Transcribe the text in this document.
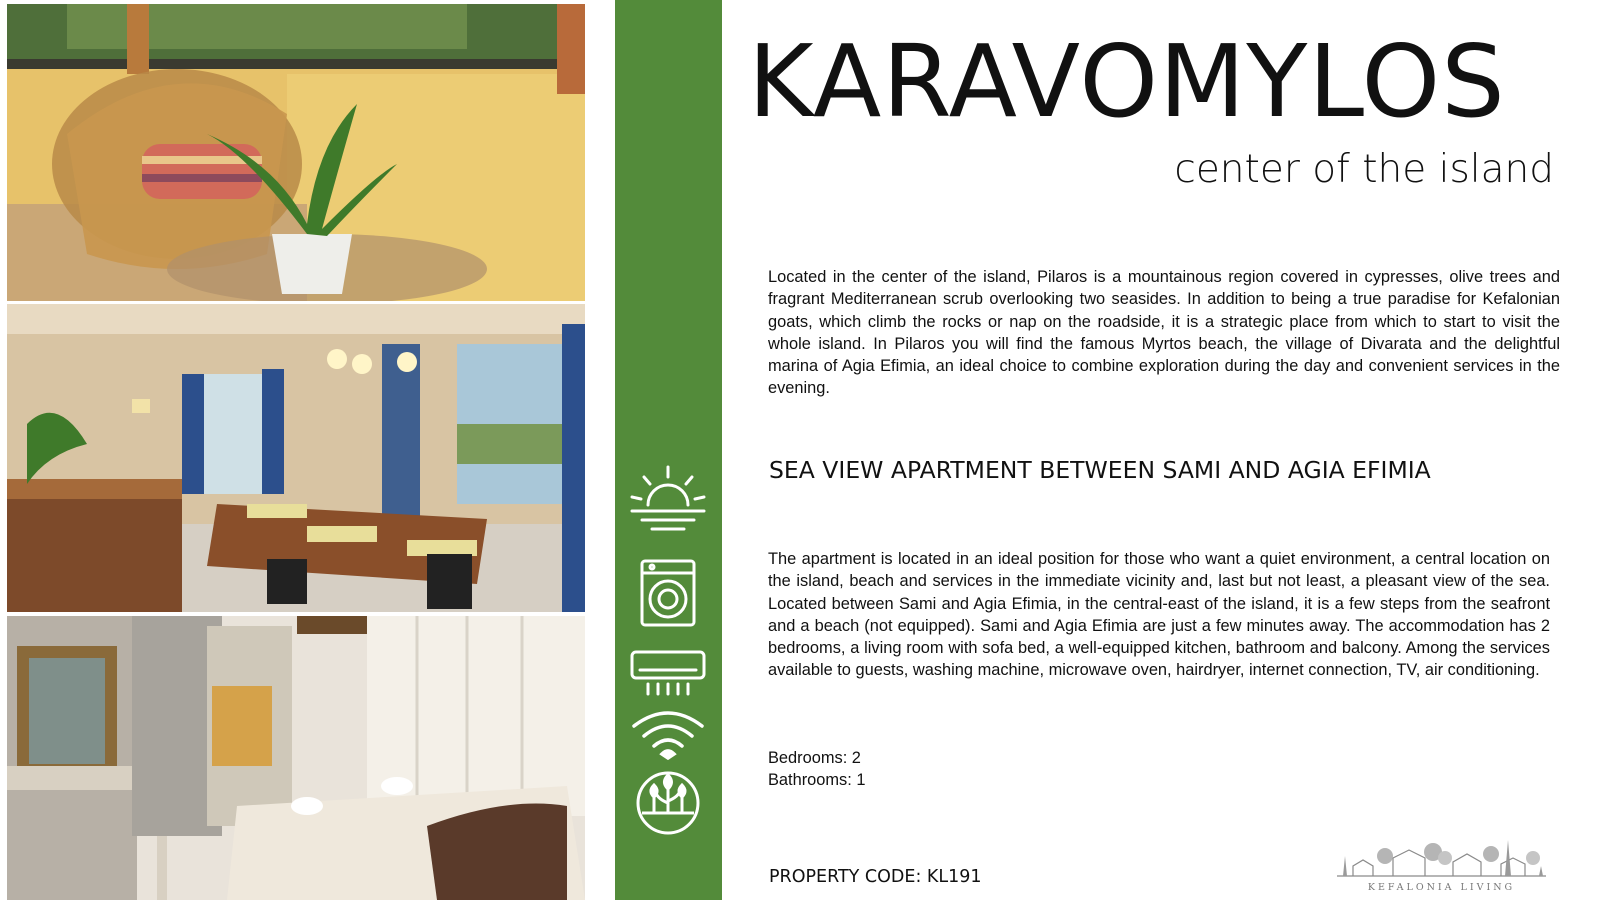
KARAVOMYLOS
center of the island

Located in the center of the island, Pilaros is a mountainous region covered in cypresses, olive trees and fragrant Mediterranean scrub overlooking two seasides. In addition to being a true paradise for Kefalonian goats, which climb the rocks or nap on the roadside, it is a strategic place from which to start to visit the whole island. In Pilaros you will find the famous Myrtos beach, the village of Divarata and the delightful marina of Agia Efimia, an ideal choice to combine exploration during the day and convenient services in the evening.

SEA VIEW APARTMENT BETWEEN SAMI AND AGIA EFIMIA

The apartment is located in an ideal position for those who want a quiet environment, a central location on the island, beach and services in the immediate vicinity and, last but not least, a pleasant view of the sea. Located between Sami and Agia Efimia, in the central-east of the island, it is a few steps from the seafront and a beach (not equipped). Sami and Agia Efimia are just a few minutes away. The accommodation has 2 bedrooms, a living room with sofa bed, a well-equipped kitchen, bathroom and balcony. Among the services available to guests, washing machine, microwave oven, hairdryer, internet connection, TV, air conditioning.

Bedrooms: 2
Bathrooms: 1
PROPERTY CODE: KL191
KEFALONIA LIVING
